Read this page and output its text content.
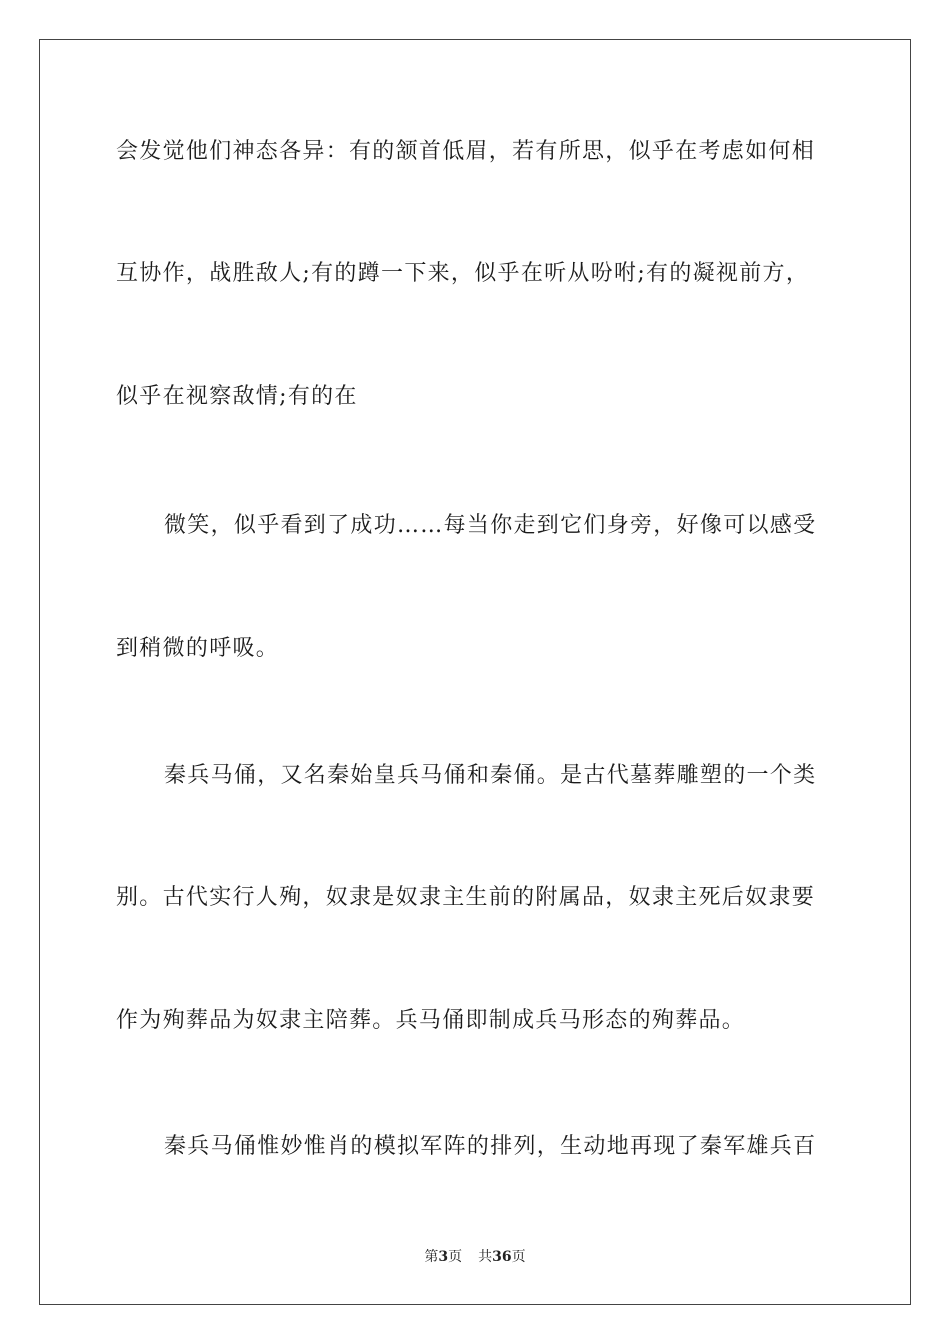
会发觉他们神态各异：有的颔首低眉，若有所思，似乎在考虑如何相
互协作，战胜敌人;有的蹲一下来，似乎在听从吩咐;有的凝视前方，
似乎在视察敌情;有的在
微笑，似乎看到了成功……每当你走到它们身旁，好像可以感受
到稍微的呼吸。
秦兵马俑，又名秦始皇兵马俑和秦俑。是古代墓葬雕塑的一个类
别。古代实行人殉，奴隶是奴隶主生前的附属品，奴隶主死后奴隶要
作为殉葬品为奴隶主陪葬。兵马俑即制成兵马形态的殉葬品。
秦兵马俑惟妙惟肖的模拟军阵的排列，生动地再现了秦军雄兵百
第3页 共36页
